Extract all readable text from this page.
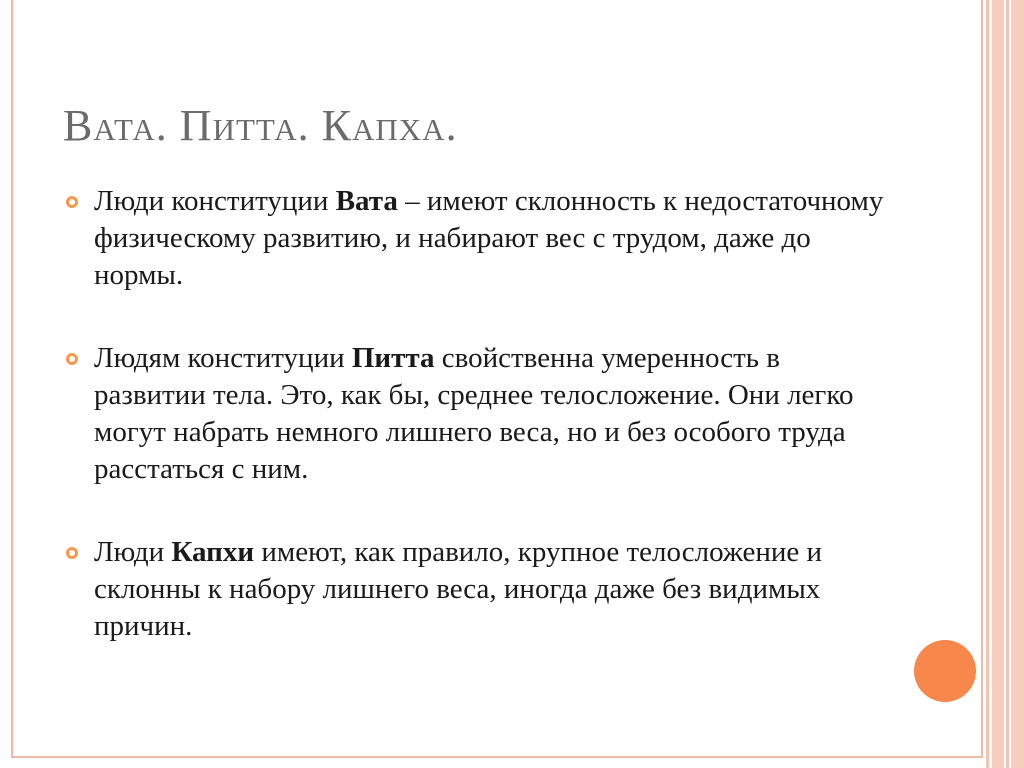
Вата. Питта. Капха.
Люди конституции Вата – имеют склонность к недостаточному физическому развитию, и набирают вес с трудом, даже до нормы.
Людям конституции Питта свойственна умеренность в развитии тела. Это, как бы, среднее телосложение. Они легко могут набрать немного лишнего веса, но и без особого труда расстаться с ним.
Люди Капхи имеют, как правило, крупное телосложение и склонны к набору лишнего веса, иногда даже без видимых причин.
